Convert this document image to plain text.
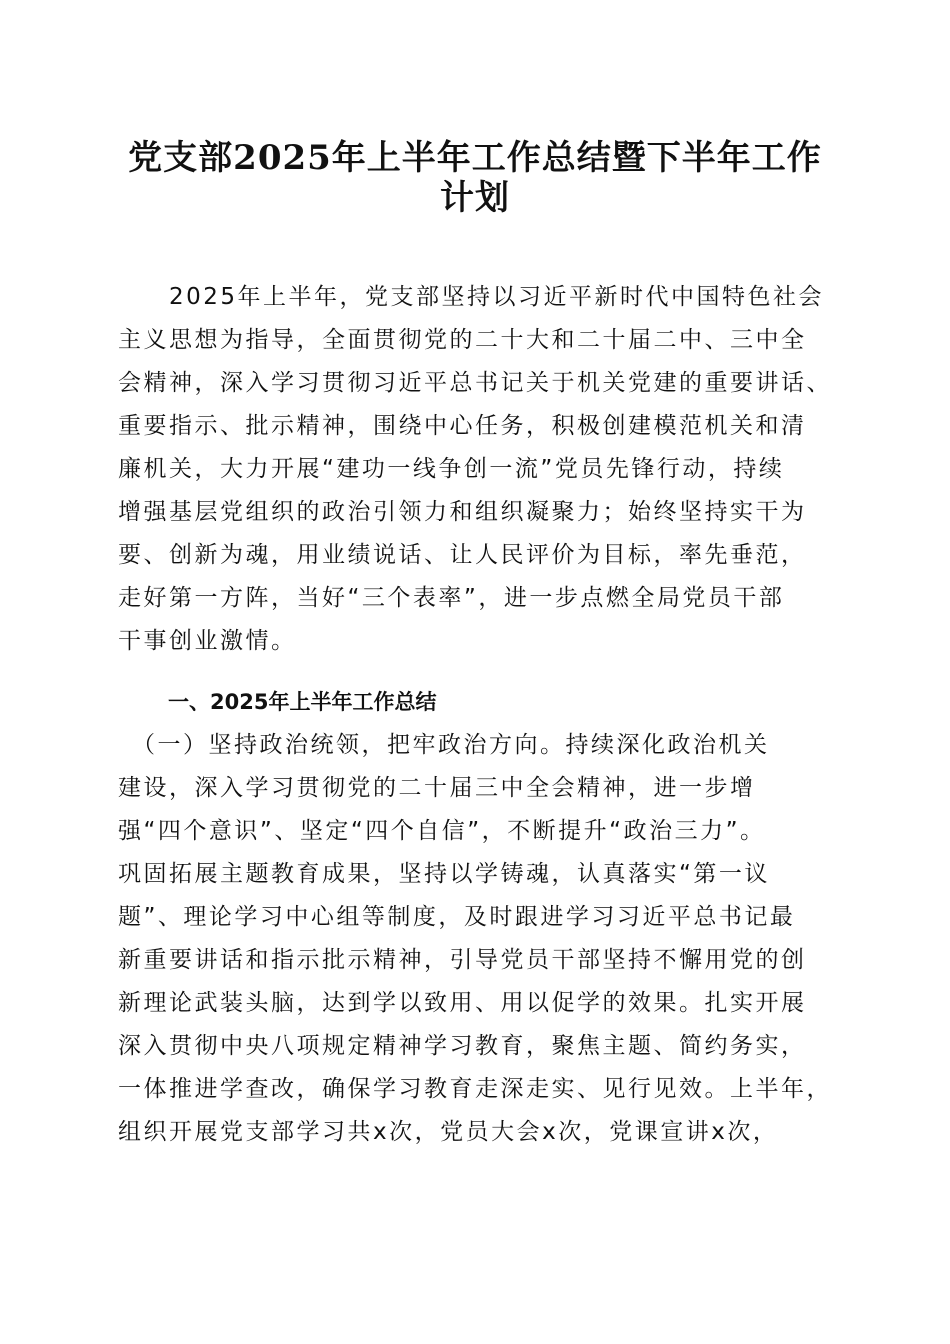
党支部2025年上半年工作总结暨下半年工作
计划
　　2025年上半年，党支部坚持以习近平新时代中国特色社会
主义思想为指导，全面贯彻党的二十大和二十届二中、三中全
会精神，深入学习贯彻习近平总书记关于机关党建的重要讲话、
重要指示、批示精神，围绕中心任务，积极创建模范机关和清
廉机关，大力开展“建功一线争创一流”党员先锋行动，持续
增强基层党组织的政治引领力和组织凝聚力；始终坚持实干为
要、创新为魂，用业绩说话、让人民评价为目标，率先垂范，
走好第一方阵，当好“三个表率”，进一步点燃全局党员干部
干事创业激情。
一、2025年上半年工作总结
　（一）坚持政治统领，把牢政治方向。持续深化政治机关
建设，深入学习贯彻党的二十届三中全会精神，进一步增
强“四个意识”、坚定“四个自信”，不断提升“政治三力”。
巩固拓展主题教育成果，坚持以学铸魂，认真落实“第一议
题”、理论学习中心组等制度，及时跟进学习习近平总书记最
新重要讲话和指示批示精神，引导党员干部坚持不懈用党的创
新理论武装头脑，达到学以致用、用以促学的效果。扎实开展
深入贯彻中央八项规定精神学习教育，聚焦主题、简约务实，
一体推进学查改，确保学习教育走深走实、见行见效。上半年，
组织开展党支部学习共x次，党员大会x次，党课宣讲x次，
